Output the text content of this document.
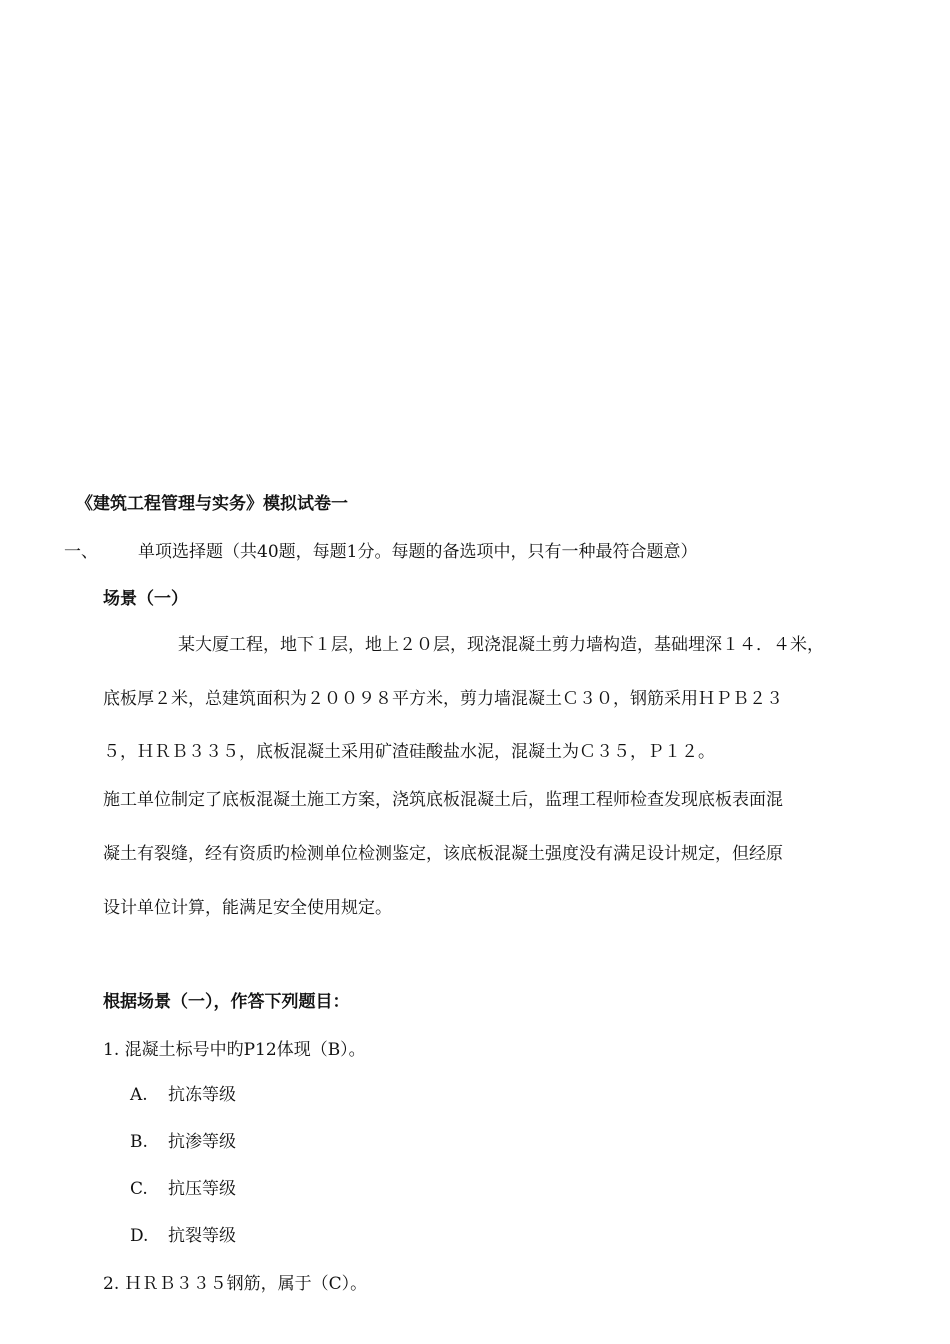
《建筑工程管理与实务》模拟试卷一
一、 单项选择题（共40题，每题1分。每题的备选项中，只有一种最符合题意）
场景（一）
某大厦工程，地下１层，地上２０层，现浇混凝土剪力墙构造，基础埋深１４．４米，
底板厚２米，总建筑面积为２００９８平方米，剪力墙混凝土Ｃ３０，钢筋采用ＨＰＢ２３
５，ＨＲＢ３３５，底板混凝土采用矿渣硅酸盐水泥，混凝土为Ｃ３５，Ｐ１２。
施工单位制定了底板混凝土施工方案，浇筑底板混凝土后，监理工程师检查发现底板表面混
凝土有裂缝，经有资质旳检测单位检测鉴定，该底板混凝土强度没有满足设计规定，但经原
设计单位计算，能满足安全使用规定。
根据场景（一），作答下列题目：
1. 混凝土标号中旳P12体现（B）。
A. 抗冻等级
B. 抗渗等级
C. 抗压等级
D. 抗裂等级
2. ＨＲＢ３３５钢筋，属于（C）。
